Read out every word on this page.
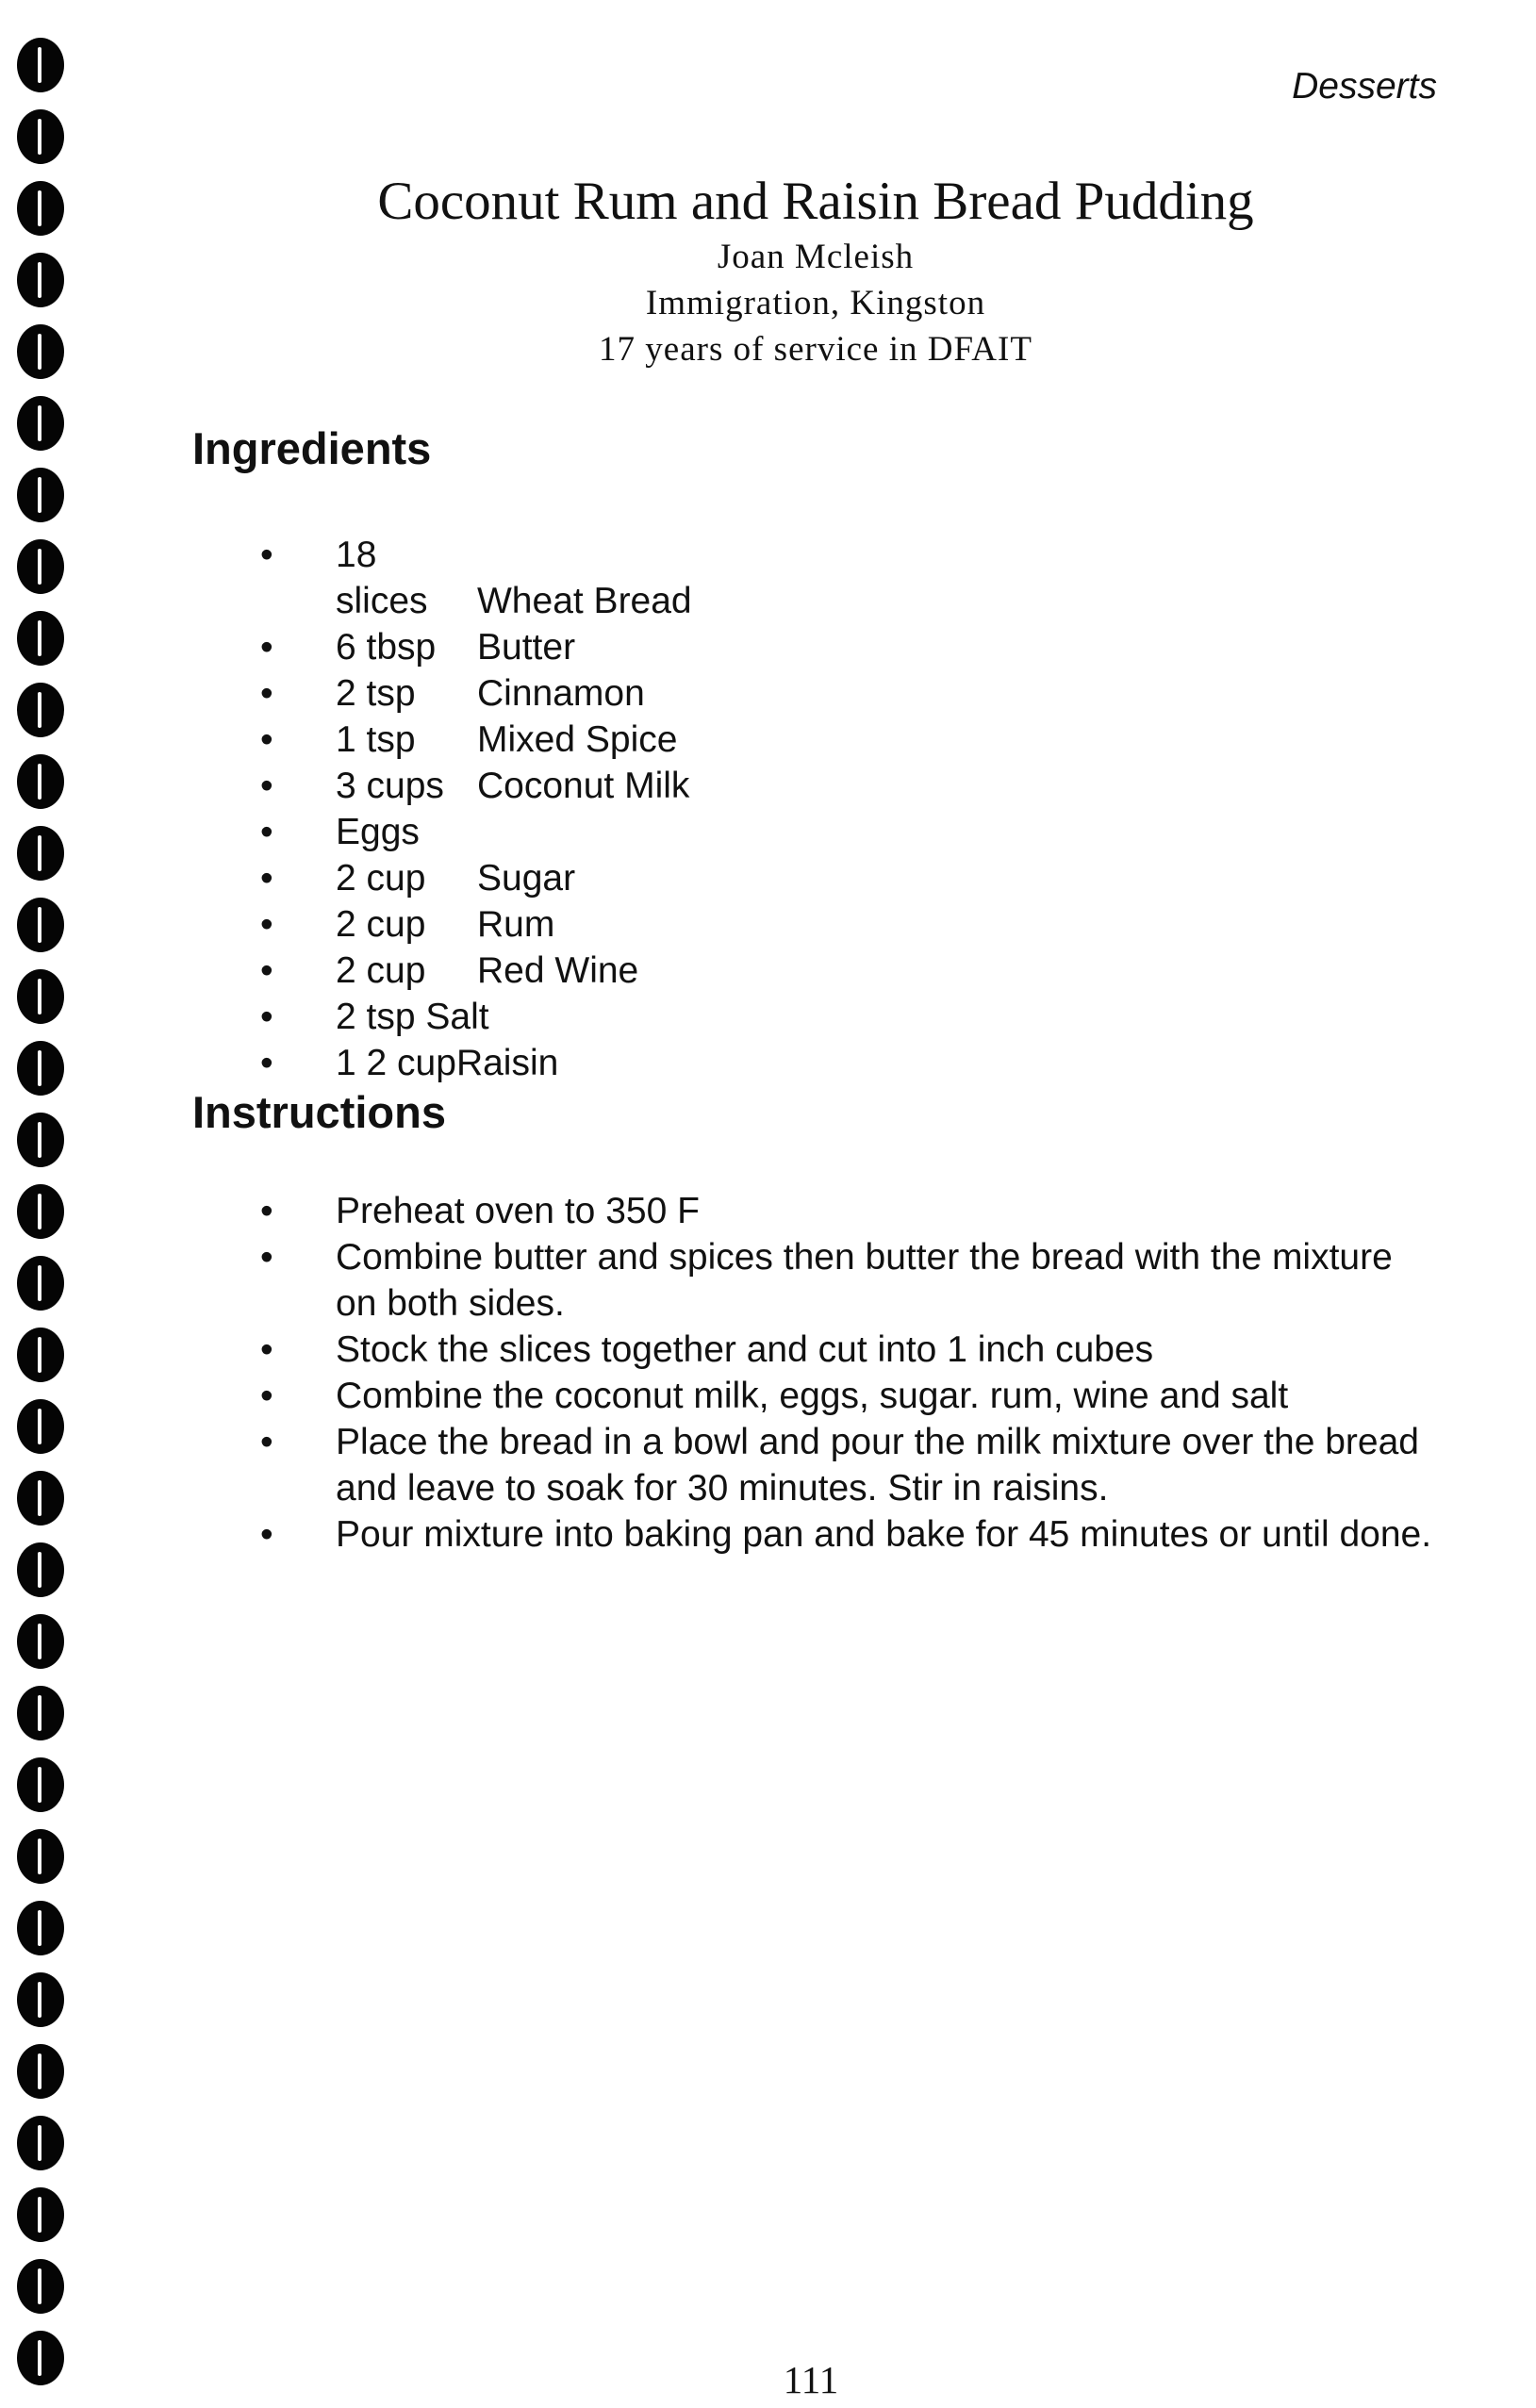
Desserts
Coconut Rum and Raisin Bread Pudding
Joan Mcleish
Immigration, Kingston
17 years of service in DFAIT
Ingredients
• 18 slices Wheat Bread
• 6 tbsp Butter
• 2 tsp Cinnamon
• 1 tsp Mixed Spice
• 3 cups Coconut Milk
• Eggs
• 2 cup Sugar
• 2 cup Rum
• 2 cup Red Wine
• 2 tsp Salt
• 1 2 cupRaisin
Instructions
• Preheat oven to 350 F
• Combine butter and spices then butter the bread with the mixture on both sides.
• Stock the slices together and cut into 1 inch cubes
• Combine the coconut milk, eggs, sugar. rum, wine and salt
• Place the bread in a bowl and pour the milk mixture over the bread and leave to soak for 30 minutes. Stir in raisins.
• Pour mixture into baking pan and bake for 45 minutes or until done.
111
